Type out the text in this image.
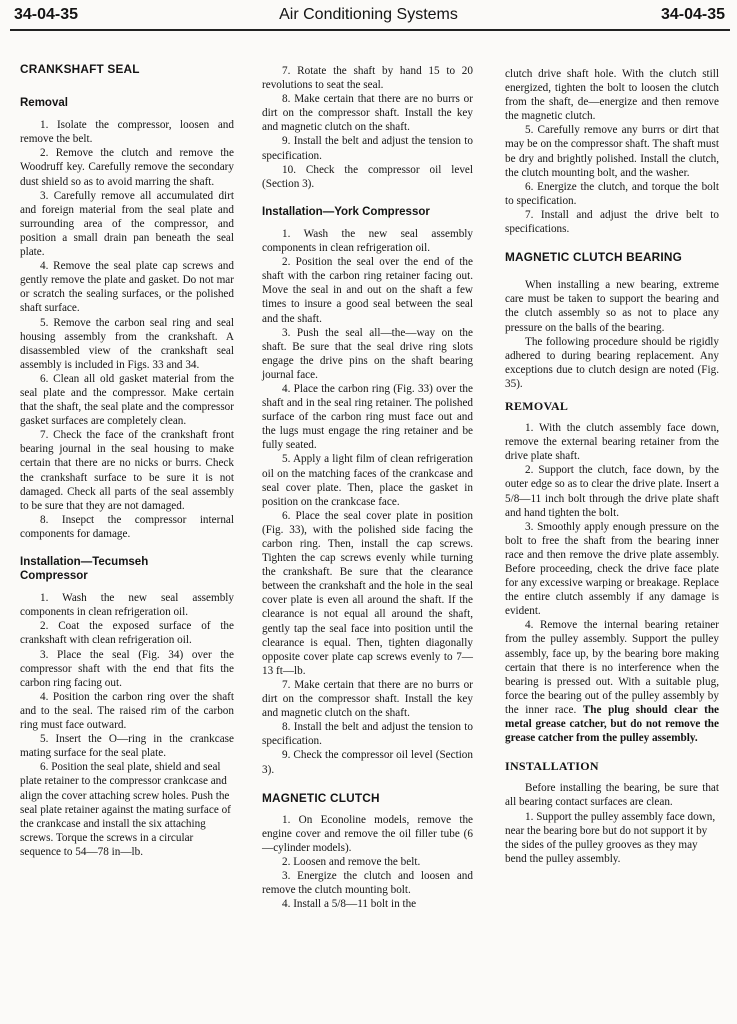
34-04-35	Air Conditioning Systems	34-04-35

CRANKSHAFT SEAL

Removal

1. Isolate the compressor, loosen and remove the belt.

2. Remove the clutch and remove the Woodruff key. Carefully remove the secondary dust shield so as to avoid marring the shaft.

3. Carefully remove all accumulated dirt and foreign material from the seal plate and surrounding area of the compressor, and position a small drain pan beneath the seal plate.

4. Remove the seal plate cap screws and gently remove the plate and gasket. Do not mar or scratch the sealing surfaces, or the polished shaft surface.

5. Remove the carbon seal ring and seal housing assembly from the crankshaft. A disassembled view of the crankshaft seal assembly is included in Figs. 33 and 34.

6. Clean all old gasket material from the seal plate and the compressor. Make certain that the shaft, the seal plate and the compressor gasket surfaces are completely clean.

7. Check the face of the crankshaft front bearing journal in the seal housing to make certain that there are no nicks or burrs. Check the crankshaft surface to be sure it is not damaged. Check all parts of the seal assembly to be sure that they are not damaged.

8. Insepct the compressor internal components for damage.

Installation—Tecumseh

Compressor

1. Wash the new seal assembly components in clean refrigeration oil.

2. Coat the exposed surface of the crankshaft with clean refrigeration oil.

3. Place the seal (Fig. 34) over the compressor shaft with the end that fits the carbon ring facing out.

4. Position the carbon ring over the shaft and to the seal. The raised rim of the carbon ring must face outward.

5. Insert the O—ring in the crankcase mating surface for the seal plate.

6. Position the seal plate, shield and seal plate retainer to the compressor crankcase and align the cover attaching screw holes. Push the seal plate retainer against the mating surface of the crankcase and install the six attaching screws. Torque the screws in a circular sequence to 54—78 in—lb.

7. Rotate the shaft by hand 15 to 20 revolutions to seat the seal.

8. Make certain that there are no burrs or dirt on the compressor shaft. Install the key and magnetic clutch on the shaft.

9. Install the belt and adjust the tension to specification.

10. Check the compressor oil level (Section 3).

Installation—York Compressor

1. Wash the new seal assembly components in clean refrigeration oil.

2. Position the seal over the end of the shaft with the carbon ring retainer facing out. Move the seal in and out on the shaft a few times to insure a good seal between the seal and the shaft.

3. Push the seal all—the—way on the shaft. Be sure that the seal drive ring slots engage the drive pins on the shaft bearing journal face.

4. Place the carbon ring (Fig. 33) over the shaft and in the seal ring retainer. The polished surface of the carbon ring must face out and the lugs must engage the ring retainer and be fully seated.

5. Apply a light film of clean refrigeration oil on the matching faces of the crankcase and seal cover plate. Then, place the gasket in position on the crankcase face.

6. Place the seal cover plate in position (Fig. 33), with the polished side facing the carbon ring. Then, install the cap screws. Tighten the cap screws evenly while turning the crankshaft. Be sure that the clearance between the crankshaft and the hole in the seal cover plate is even all around the shaft. If the clearance is not equal all around the shaft, gently tap the seal face into position until the clearance is equal. Then, tighten diagonally opposite cover plate cap screws evenly to 7—13 ft—lb.

7. Make certain that there are no burrs or dirt on the compressor shaft. Install the key and magnetic clutch on the shaft.

8. Install the belt and adjust the tension to specification.

9. Check the compressor oil level (Section 3).

MAGNETIC CLUTCH

1. On Econoline models, remove the engine cover and remove the oil filler tube (6—cylinder models).

2. Loosen and remove the belt.

3. Energize the clutch and loosen and remove the clutch mounting bolt.

4. Install a 5/8—11 bolt in the

clutch drive shaft hole. With the clutch still energized, tighten the bolt to loosen the clutch from the shaft, de—energize and then remove the magnetic clutch.

5. Carefully remove any burrs or dirt that may be on the compressor shaft. The shaft must be dry and brightly polished. Install the clutch, the clutch mounting bolt, and the washer.

6. Energize the clutch, and torque the bolt to specification.

7. Install and adjust the drive belt to specifications.

MAGNETIC CLUTCH BEARING

When installing a new bearing, extreme care must be taken to support the bearing and the clutch assembly so as not to place any pressure on the balls of the bearing.

The following procedure should be rigidly adhered to during bearing replacement. Any exceptions due to clutch design are noted (Fig. 35).

REMOVAL

1. With the clutch assembly face down, remove the external bearing retainer from the drive plate shaft.

2. Support the clutch, face down, by the outer edge so as to clear the drive plate. Insert a 5/8—11 inch bolt through the drive plate shaft and hand tighten the bolt.

3. Smoothly apply enough pressure on the bolt to free the shaft from the bearing inner race and then remove the drive plate assembly. Before proceeding, check the drive face plate for any excessive warping or breakage. Replace the entire clutch assembly if any damage is evident.

4. Remove the internal bearing retainer from the pulley assembly. Support the pulley assembly, face up, by the bearing bore making certain that there is no interference when the bearing is pressed out. With a suitable plug, force the bearing out of the pulley assembly by the inner race. The plug should clear the metal grease catcher, but do not remove the grease catcher from the pulley assembly.

INSTALLATION

Before installing the bearing, be sure that all bearing contact surfaces are clean.

1. Support the pulley assembly face down, near the bearing bore but do not support it by the sides of the pulley grooves as they may bend the pulley assembly.
